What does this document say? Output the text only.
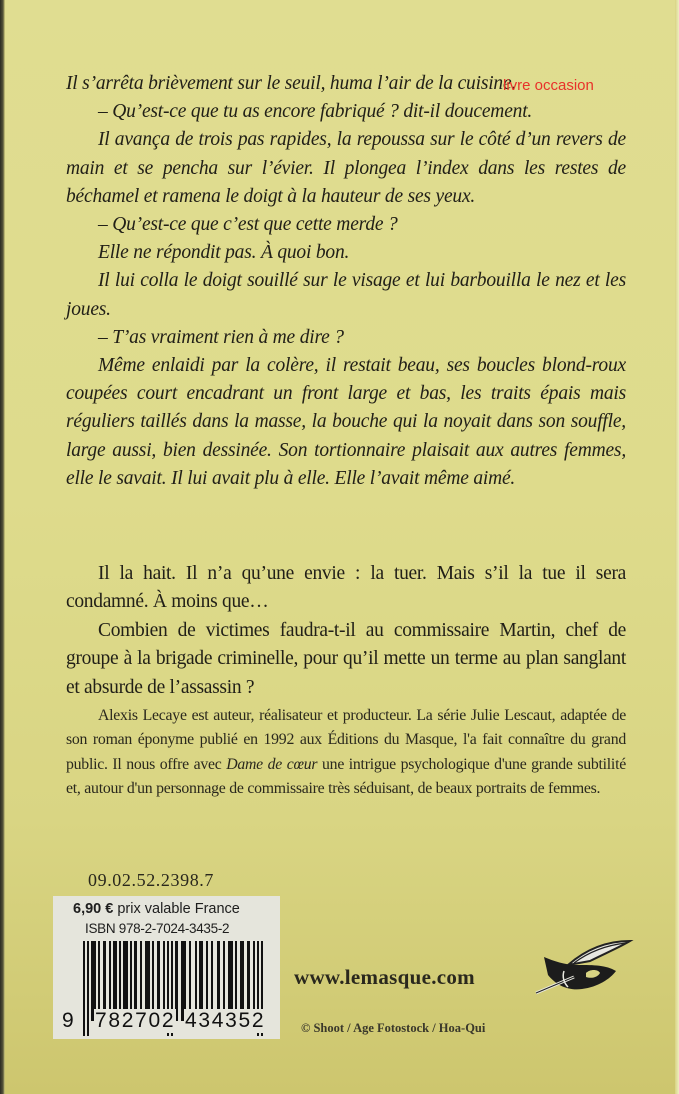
Il s’arrêta brièvement sur le seuil, huma l’air de la cuisine.

– Qu’est-ce que tu as encore fabriqué ? dit-il doucement.

Il avança de trois pas rapides, la repoussa sur le côté d’un revers de main et se pencha sur l’évier. Il plongea l’index dans les restes de béchamel et ramena le doigt à la hauteur de ses yeux.

– Qu’est-ce que c’est que cette merde ?

Elle ne répondit pas. À quoi bon.

Il lui colla le doigt souillé sur le visage et lui barbouilla le nez et les joues.

– T’as vraiment rien à me dire ?

Même enlaidi par la colère, il restait beau, ses boucles blond-roux coupées court encadrant un front large et bas, les traits épais mais réguliers taillés dans la masse, la bouche qui la noyait dans son souffle, large aussi, bien dessinée. Son tortionnaire plaisait aux autres femmes, elle le savait. Il lui avait plu à elle. Elle l’avait même aimé.

livre occasion

Il la hait. Il n’a qu’une envie : la tuer. Mais s’il la tue il sera condamné. À moins que…

Combien de victimes faudra-t-il au commissaire Martin, chef de groupe à la brigade criminelle, pour qu’il mette un terme au plan sanglant et absurde de l’assassin ?

Alexis Lecaye est auteur, réalisateur et producteur. La série Julie Lescaut, adaptée de son roman éponyme publié en 1992 aux Éditions du Masque, l'a fait connaître du grand public. Il nous offre avec Dame de cœur une intrigue psychologique d'une grande subtilité et, autour d'un personnage de commissaire très séduisant, de beaux portraits de femmes.
09.02.52.2398.7
6,90 € prix valable France
ISBN 978-2-7024-3435-2
9 782702 434352
www.lemasque.com
© Shoot / Age Fotostock / Hoa-Qui
